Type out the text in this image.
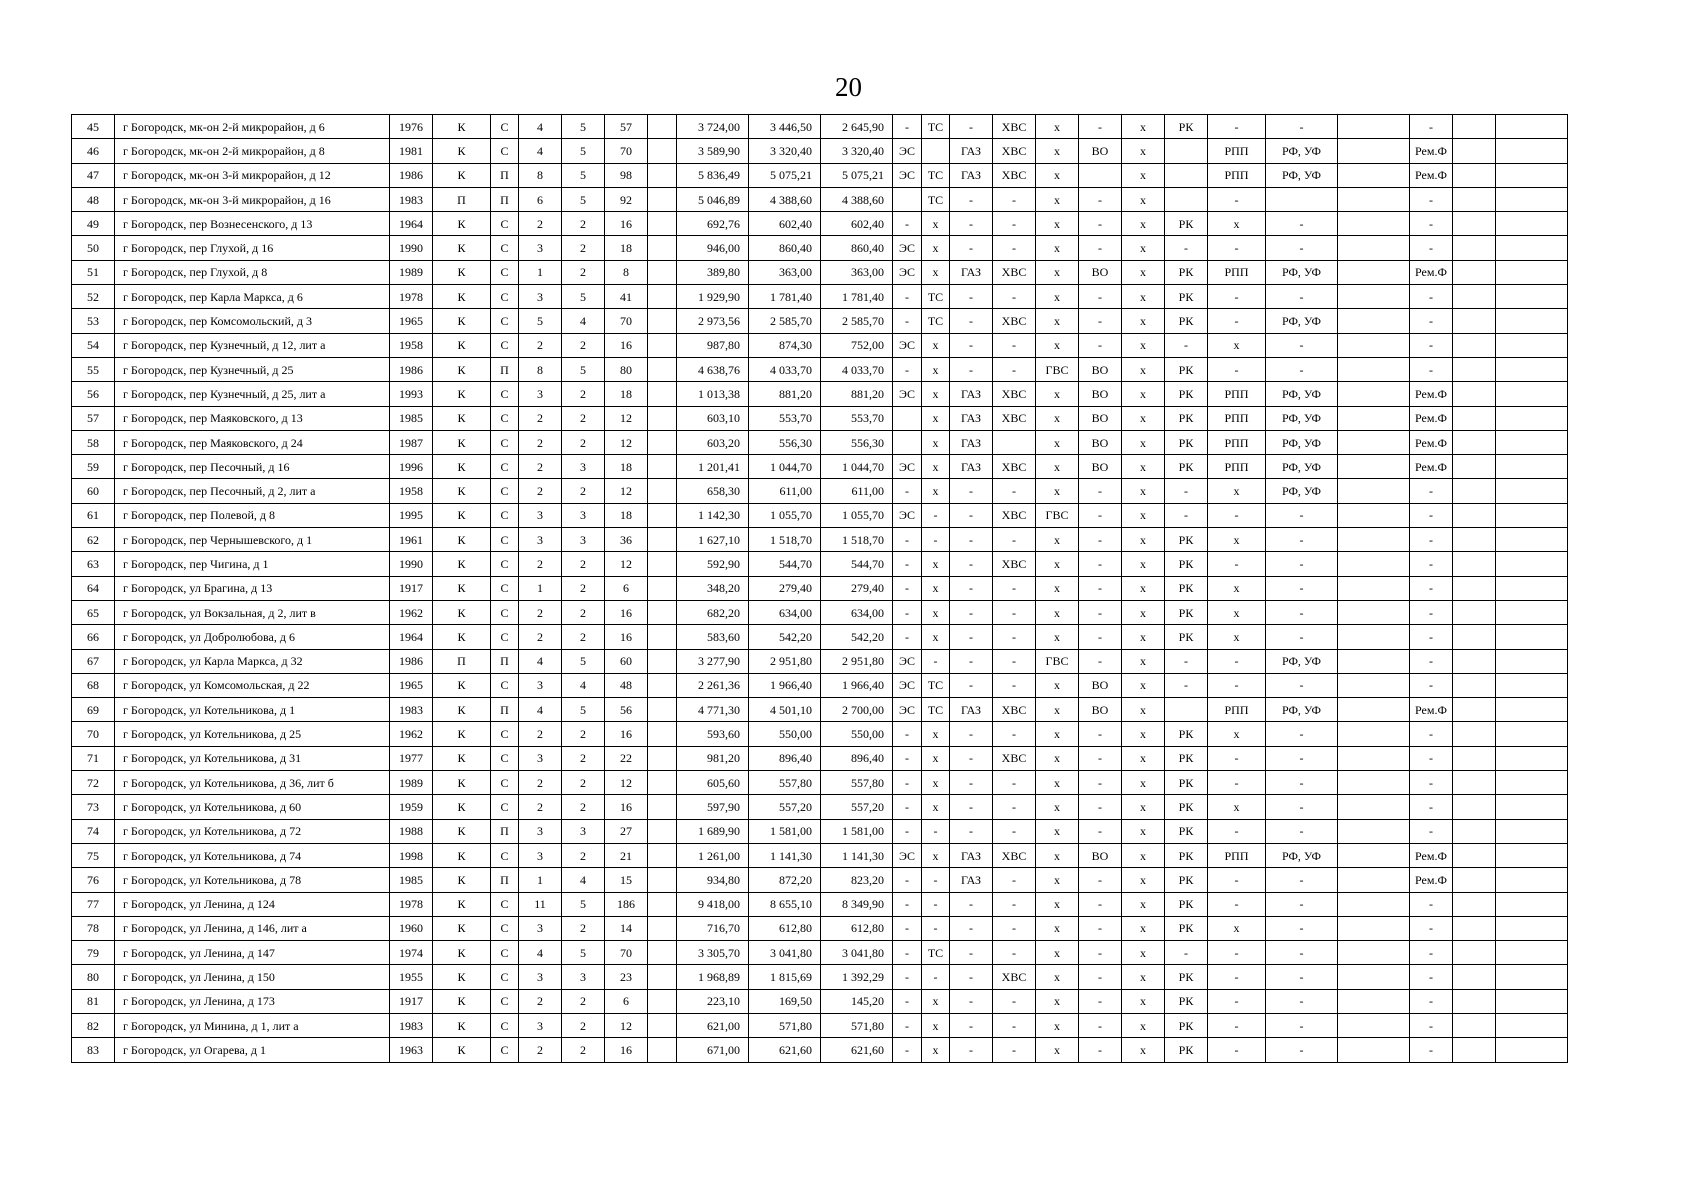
20
45	г Богородск, мк-он 2-й микрорайон, д 6	1976	К	С	4	5	57		3 724,00	3 446,50	2 645,90	-	ТС	-	ХВС	х	-	х	РК	-	-		-		
46	г Богородск, мк-он 2-й микрорайон, д 8	1981	К	С	4	5	70		3 589,90	3 320,40	3 320,40	ЭС		ГАЗ	ХВС	х	ВО	х		РПП	РФ, УФ		Рем.Ф		
47	г Богородск, мк-он 3-й микрорайон, д 12	1986	К	П	8	5	98		5 836,49	5 075,21	5 075,21	ЭС	ТС	ГАЗ	ХВС	х		х		РПП	РФ, УФ		Рем.Ф		
48	г Богородск, мк-он 3-й микрорайон, д 16	1983	П	П	6	5	92		5 046,89	4 388,60	4 388,60		ТС	-	-	х	-	х		-			-		
49	г Богородск, пер Вознесенского, д 13	1964	К	С	2	2	16		692,76	602,40	602,40	-	х	-	-	х	-	х	РК	х	-		-		
50	г Богородск, пер Глухой, д 16	1990	К	С	3	2	18		946,00	860,40	860,40	ЭС	х	-	-	х	-	х	-	-	-		-		
51	г Богородск, пер Глухой, д 8	1989	К	С	1	2	8		389,80	363,00	363,00	ЭС	х	ГАЗ	ХВС	х	ВО	х	РК	РПП	РФ, УФ		Рем.Ф		
52	г Богородск, пер Карла Маркса, д 6	1978	К	С	3	5	41		1 929,90	1 781,40	1 781,40	-	ТС	-	-	х	-	х	РК	-	-		-		
53	г Богородск, пер Комсомольский, д 3	1965	К	С	5	4	70		2 973,56	2 585,70	2 585,70	-	ТС	-	ХВС	х	-	х	РК	-	РФ, УФ		-		
54	г Богородск, пер Кузнечный, д 12, лит а	1958	К	С	2	2	16		987,80	874,30	752,00	ЭС	х	-	-	х	-	х	-	х	-		-		
55	г Богородск, пер Кузнечный, д 25	1986	К	П	8	5	80		4 638,76	4 033,70	4 033,70	-	х	-	-	ГВС	ВО	х	РК	-	-		-		
56	г Богородск, пер Кузнечный, д 25, лит а	1993	К	С	3	2	18		1 013,38	881,20	881,20	ЭС	х	ГАЗ	ХВС	х	ВО	х	РК	РПП	РФ, УФ		Рем.Ф		
57	г Богородск, пер Маяковского, д 13	1985	К	С	2	2	12		603,10	553,70	553,70		х	ГАЗ	ХВС	х	ВО	х	РК	РПП	РФ, УФ		Рем.Ф		
58	г Богородск, пер Маяковского, д 24	1987	К	С	2	2	12		603,20	556,30	556,30		х	ГАЗ		х	ВО	х	РК	РПП	РФ, УФ		Рем.Ф		
59	г Богородск, пер Песочный, д 16	1996	К	С	2	3	18		1 201,41	1 044,70	1 044,70	ЭС	х	ГАЗ	ХВС	х	ВО	х	РК	РПП	РФ, УФ		Рем.Ф		
60	г Богородск, пер Песочный, д 2, лит а	1958	К	С	2	2	12		658,30	611,00	611,00	-	х	-	-	х	-	х	-	х	РФ, УФ		-		
61	г Богородск, пер Полевой, д 8	1995	К	С	3	3	18		1 142,30	1 055,70	1 055,70	ЭС	-	-	ХВС	ГВС	-	х	-	-	-		-		
62	г Богородск, пер Чернышевского, д 1	1961	К	С	3	3	36		1 627,10	1 518,70	1 518,70	-	-	-	-	х	-	х	РК	х	-		-		
63	г Богородск, пер Чигина, д 1	1990	К	С	2	2	12		592,90	544,70	544,70	-	х	-	ХВС	х	-	х	РК	-	-		-		
64	г Богородск, ул Брагина, д 13	1917	К	С	1	2	6		348,20	279,40	279,40	-	х	-	-	х	-	х	РК	х	-		-		
65	г Богородск, ул Вокзальная, д 2, лит в	1962	К	С	2	2	16		682,20	634,00	634,00	-	х	-	-	х	-	х	РК	х	-		-		
66	г Богородск, ул Добролюбова, д 6	1964	К	С	2	2	16		583,60	542,20	542,20	-	х	-	-	х	-	х	РК	х	-		-		
67	г Богородск, ул Карла Маркса, д 32	1986	П	П	4	5	60		3 277,90	2 951,80	2 951,80	ЭС	-	-	-	ГВС	-	х	-	-	РФ, УФ		-		
68	г Богородск, ул Комсомольская, д 22	1965	К	С	3	4	48		2 261,36	1 966,40	1 966,40	ЭС	ТС	-	-	х	ВО	х	-	-	-		-		
69	г Богородск, ул Котельникова, д 1	1983	К	П	4	5	56		4 771,30	4 501,10	2 700,00	ЭС	ТС	ГАЗ	ХВС	х	ВО	х		РПП	РФ, УФ		Рем.Ф		
70	г Богородск, ул Котельникова, д 25	1962	К	С	2	2	16		593,60	550,00	550,00	-	х	-	-	х	-	х	РК	х	-		-		
71	г Богородск, ул Котельникова, д 31	1977	К	С	3	2	22		981,20	896,40	896,40	-	х	-	ХВС	х	-	х	РК	-	-		-		
72	г Богородск, ул Котельникова, д 36, лит б	1989	К	С	2	2	12		605,60	557,80	557,80	-	х	-	-	х	-	х	РК	-	-		-		
73	г Богородск, ул Котельникова, д 60	1959	К	С	2	2	16		597,90	557,20	557,20	-	х	-	-	х	-	х	РК	х	-		-		
74	г Богородск, ул Котельникова, д 72	1988	К	П	3	3	27		1 689,90	1 581,00	1 581,00	-	-	-	-	х	-	х	РК	-	-		-		
75	г Богородск, ул Котельникова, д 74	1998	К	С	3	2	21		1 261,00	1 141,30	1 141,30	ЭС	х	ГАЗ	ХВС	х	ВО	х	РК	РПП	РФ, УФ		Рем.Ф		
76	г Богородск, ул Котельникова, д 78	1985	К	П	1	4	15		934,80	872,20	823,20	-	-	ГАЗ	-	х	-	х	РК	-	-		Рем.Ф		
77	г Богородск, ул Ленина, д 124	1978	К	С	11	5	186		9 418,00	8 655,10	8 349,90	-	-	-	-	х	-	х	РК	-	-		-		
78	г Богородск, ул Ленина, д 146, лит а	1960	К	С	3	2	14		716,70	612,80	612,80	-	-	-	-	х	-	х	РК	х	-		-		
79	г Богородск, ул Ленина, д 147	1974	К	С	4	5	70		3 305,70	3 041,80	3 041,80	-	ТС	-	-	х	-	х	-	-	-		-		
80	г Богородск, ул Ленина, д 150	1955	К	С	3	3	23		1 968,89	1 815,69	1 392,29	-	-	-	ХВС	х	-	х	РК	-	-		-		
81	г Богородск, ул Ленина, д 173	1917	К	С	2	2	6		223,10	169,50	145,20	-	х	-	-	х	-	х	РК	-	-		-		
82	г Богородск, ул Минина, д 1, лит а	1983	К	С	3	2	12		621,00	571,80	571,80	-	х	-	-	х	-	х	РК	-	-		-		
83	г Богородск, ул Огарева, д 1	1963	К	С	2	2	16		671,00	621,60	621,60	-	х	-	-	х	-	х	РК	-	-		-		
